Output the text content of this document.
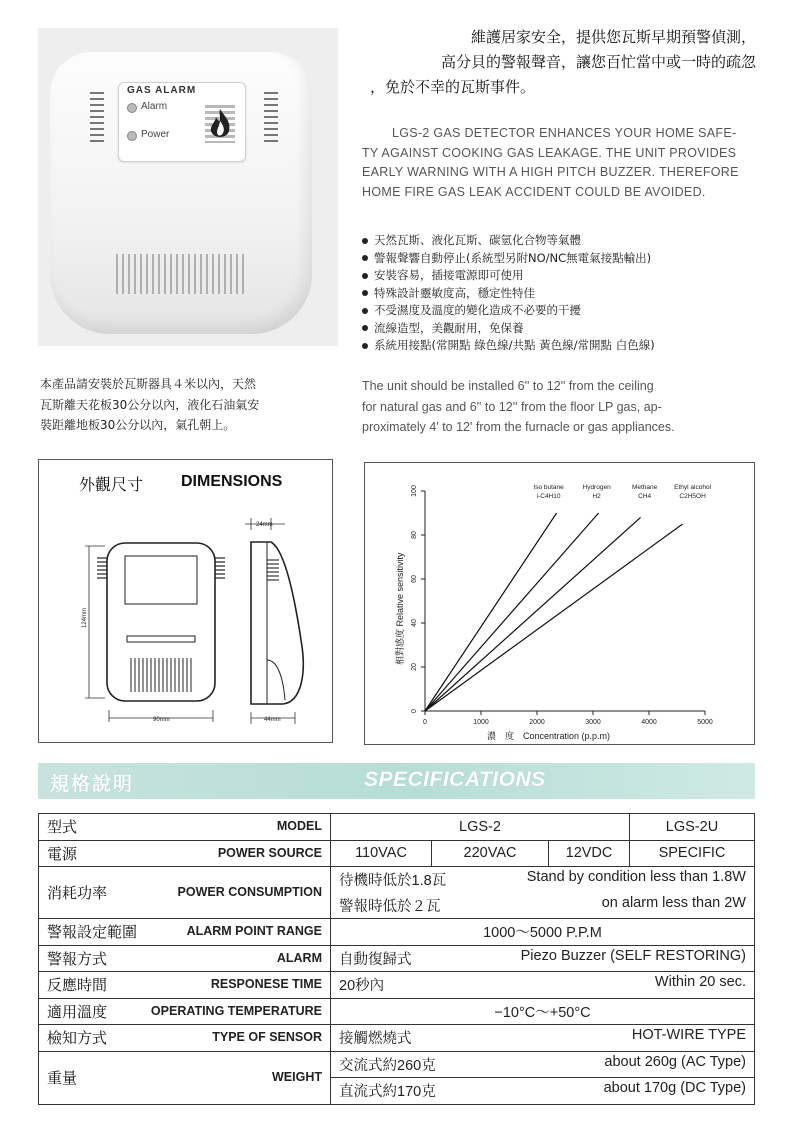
GAS ALARM
Alarm
Power
維護居家安全，提供您瓦斯早期預警偵測，
高分貝的警報聲音，讓您百忙當中或一時的疏忽
，免於不幸的瓦斯事件。
LGS-2 GAS DETECTOR ENHANCES YOUR HOME SAFE-
TY AGAINST COOKING GAS LEAKAGE. THE UNIT PROVIDES
EARLY WARNING WITH A HIGH PITCH BUZZER. THEREFORE
HOME FIRE GAS LEAK ACCIDENT COULD BE AVOIDED.
天然瓦斯、液化瓦斯、碳氫化合物等氣體
警報聲響自動停止(系統型另附NO/NC無電氣接點輸出)
安裝容易，插接電源即可使用
特殊設計靈敏度高，穩定性特佳
不受濕度及溫度的變化造成不必要的干擾
流線造型，美觀耐用，免保養
系統用接點(常開點 綠色線/共點 黃色線/常開點 白色線)
本產品請安裝於瓦斯器具４米以內，天然
瓦斯離天花板30公分以內，液化石油氣安
裝距離地板30公分以內，氣孔朝上。
The unit should be installed 6'' to 12'' from the ceiling
for natural gas and 6'' to 12'' from the floor LP gas, ap-
proximately 4' to 12' from the furnacle or gas appliances.
外觀尺寸 DIMENSIONS
124mm
90mm
24mm
44mm
相對感度 Relative sensitivity
濃　度　Concentration (p.p.m)
0	1000	2000	3000	4000	5000
0
20
40
60
80
100	Iso butane
i-C4H10
Hydrogen
H2
Methane
CH4
Ethyl alcohol
C2H5OH
規格說明	SPECIFICATIONS
型式 MODEL	LGS-2			LGS-2U

電源 POWER SOURCE	110VAC	220VAC	12VDC	SPECIFIC

消耗功率 POWER CONSUMPTION	待機時低於1.8瓦 Stand by condition less than 1.8W			

	警報時低於２瓦 on alarm less than 2W			

警報設定範圍 ALARM POINT RANGE	1000～5000 P.P.M			

警報方式 ALARM	自動復歸式 Piezo Buzzer (SELF RESTORING)			

反應時間 RESPONESE TIME	20秒內 Within 20 sec.			

適用溫度 OPERATING TEMPERATURE	−10°C～+50°C			

檢知方式 TYPE OF SENSOR	接觸燃燒式 HOT-WIRE TYPE			

重量 WEIGHT	交流式約260克 about 260g (AC Type)			

	直流式約170克 about 170g (DC Type)			
